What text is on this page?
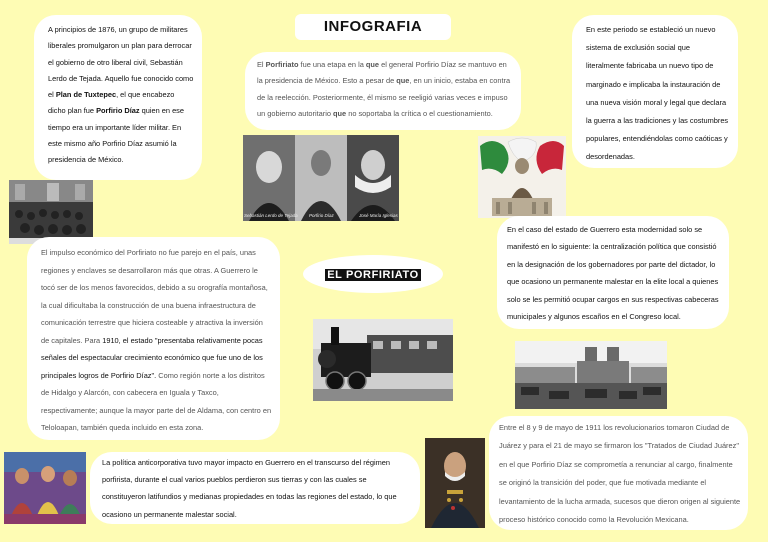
INFOGRAFIA

A principios de 1876, un grupo de militares liberales promulgaron un plan para derrocar el gobierno de otro liberal civil, Sebastián Lerdo de Tejada. Aquello fue conocido como el Plan de Tuxtepec, el que encabezo dicho plan fue Porfirio Díaz quien en ese tiempo era un importante líder militar. En este mismo año Porfirio Díaz asumió la presidencia de México.

El Porfiriato fue una etapa en la que el general Porfirio Díaz se mantuvo en la presidencia de México. Esto a pesar de que, en un inicio, estaba en contra de la reelección. Posteriormente, él mismo se reeligió varias veces e impuso un gobierno autoritario que no soportaba la crítica o el cuestionamiento.

En este periodo se estableció un nuevo sistema de exclusión social que literalmente fabricaba un nuevo tipo de marginado e implicaba la instauración de una nueva visión moral y legal que declara la guerra a las tradiciones y las costumbres populares, entendiéndolas como caóticas y desordenadas.

Sebastián Lerdo de Tejada	Porfirio Díaz	José María Iglesias

El impulso económico del Porfiriato no fue parejo en el país, unas regiones y enclaves se desarrollaron más que otras. A Guerrero le tocó ser de los menos favorecidos, debido a su orografía montañosa, la cual dificultaba la construcción de una buena infraestructura de comunicación terrestre que hiciera costeable y atractiva la inversión de capitales. Para 1910, el estado "presentaba relativamente pocas señales del espectacular crecimiento económico que fue uno de los principales logros de Porfirio Díaz". Como región norte a los distritos de Hidalgo y Alarcón, con cabecera en Iguala y Taxco, respectivamente; aunque la mayor parte del de Aldama, con centro en Teloloapan, también queda incluido en esta zona.

EL PORFIRIATO

En el caso del estado de Guerrero esta modernidad solo se manifestó en lo siguiente: la centralización política que consistió en la designación de los gobernadores por parte del dictador, lo que ocasiono un permanente malestar en la elite local a quienes solo se les permitió ocupar cargos en sus respectivas cabeceras municipales y algunos escaños en el Congreso local.

La política anticorporativa tuvo mayor impacto en Guerrero en el transcurso del régimen porfirista, durante el cual varios pueblos perdieron sus tierras y con las cuales se constituyeron latifundios y medianas propiedades en todas las regiones del estado, lo que ocasiono un permanente malestar social.

Entre el 8 y 9 de mayo de 1911 los revolucionarios tomaron Ciudad de Juárez y para el 21 de mayo se firmaron los "Tratados de Ciudad Juárez" en el que Porfirio Díaz se comprometía a renunciar al cargo, finalmente se originó la transición del poder, que fue motivada mediante el levantamiento de la lucha armada, sucesos que dieron origen al siguiente proceso histórico conocido como la Revolución Mexicana.
